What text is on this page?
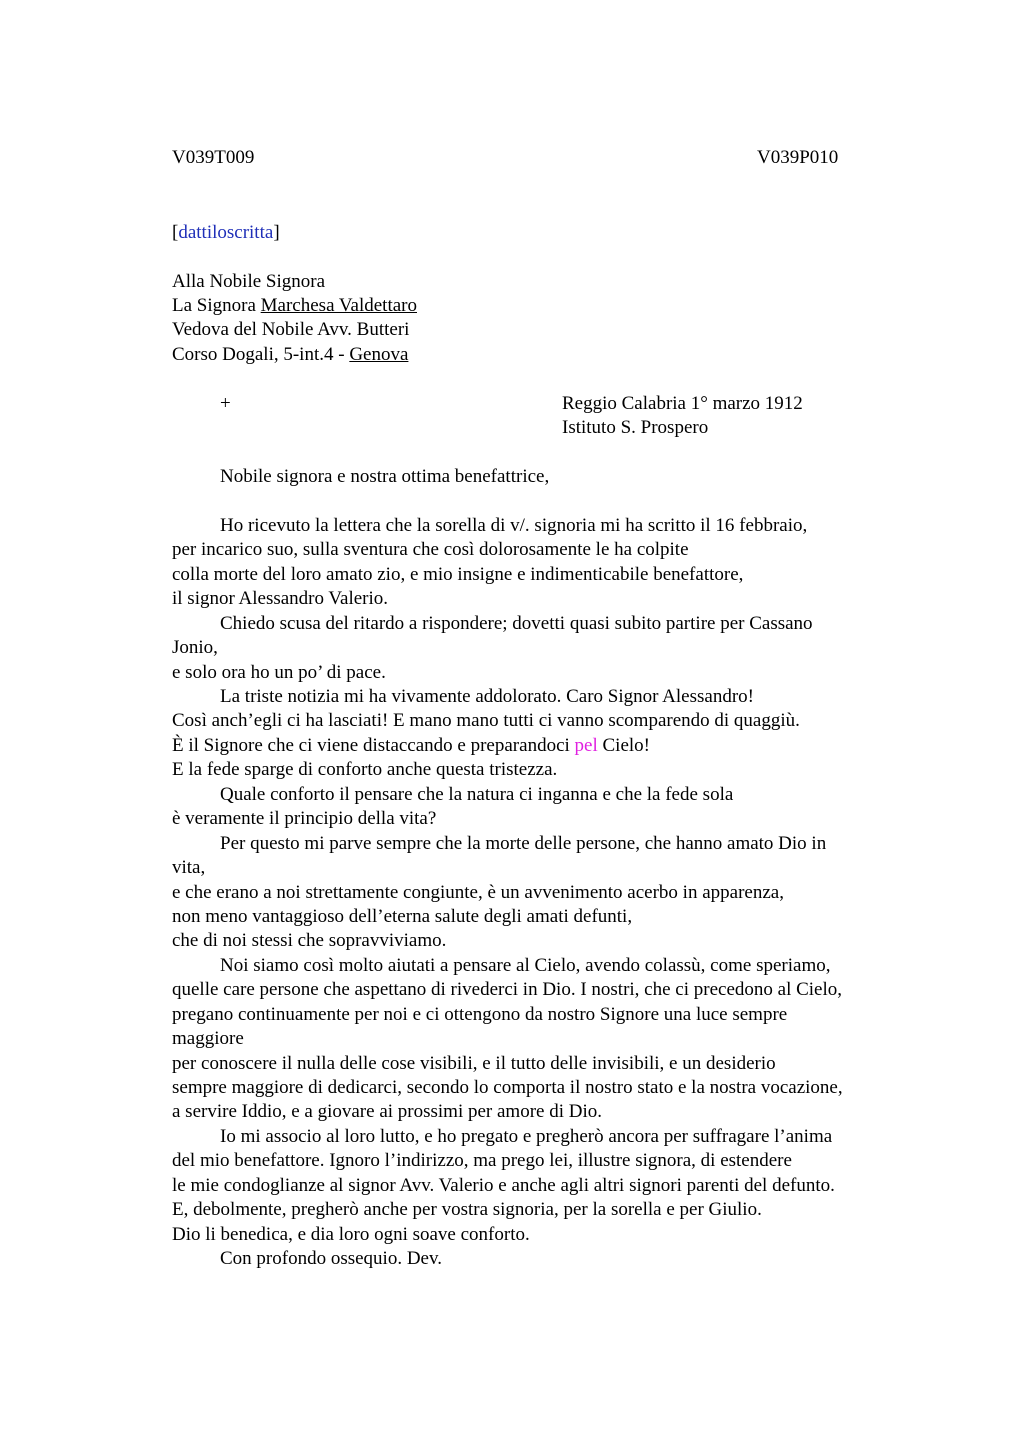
V039T009	V039P010
[dattiloscritta]
Alla Nobile Signora
La Signora Marchesa Valdettaro
Vedova del Nobile Avv. Butteri
Corso Dogali, 5-int.4 - Genova
+	Reggio Calabria 1° marzo 1912
Istituto S. Prospero
Nobile signora e nostra ottima benefattrice,
Ho ricevuto la lettera che la sorella di v/. signoria mi ha scritto il 16 febbraio,
per incarico suo, sulla sventura che così dolorosamente le ha colpite
colla morte del loro amato zio, e mio insigne e indimenticabile benefattore,
il signor Alessandro Valerio.
Chiedo scusa del ritardo a rispondere; dovetti quasi subito partire per Cassano
Jonio,
e solo ora ho un po’ di pace.
La triste notizia mi ha vivamente addolorato. Caro Signor Alessandro!
Così anch’egli ci ha lasciati! E mano mano tutti ci vanno scomparendo di quaggiù.
È il Signore che ci viene distaccando e preparandoci pel Cielo!
E la fede sparge di conforto anche questa tristezza.
Quale conforto il pensare che la natura ci inganna e che la fede sola
è veramente il principio della vita?
Per questo mi parve sempre che la morte delle persone, che hanno amato Dio in
vita,
e che erano a noi strettamente congiunte, è un avvenimento acerbo in apparenza,
non meno vantaggioso dell’eterna salute degli amati defunti,
che di noi stessi che sopravviviamo.
Noi siamo così molto aiutati a pensare al Cielo, avendo colassù, come speriamo,
quelle care persone che aspettano di rivederci in Dio. I nostri, che ci precedono al Cielo,
pregano continuamente per noi e ci ottengono da nostro Signore una luce sempre
maggiore
per conoscere il nulla delle cose visibili, e il tutto delle invisibili, e un desiderio
sempre maggiore di dedicarci, secondo lo comporta il nostro stato e la nostra vocazione,
a servire Iddio, e a giovare ai prossimi per amore di Dio.
Io mi associo al loro lutto, e ho pregato e pregherò ancora per suffragare l’anima
del mio benefattore. Ignoro l’indirizzo, ma prego lei, illustre signora, di estendere
le mie condoglianze al signor Avv. Valerio e anche agli altri signori parenti del defunto.
E, debolmente, pregherò anche per vostra signoria, per la sorella e per Giulio.
Dio li benedica, e dia loro ogni soave conforto.
Con profondo ossequio. Dev.
